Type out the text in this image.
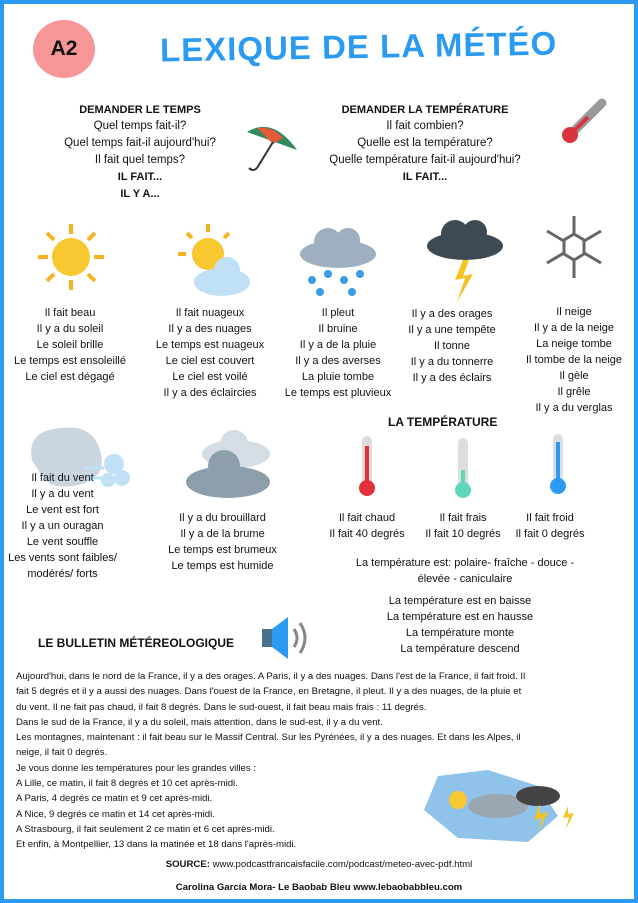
A2	LEXIQUE DE LA MÉTÉO
DEMANDER LE TEMPS
Quel temps fait-il?
Quel temps fait-il aujourd'hui?
Il fait quel temps?
IL FAIT...
IL Y A...
DEMANDER LA TEMPÉRATURE
Il fait combien?
Quelle est la température?
Quelle température fait-il aujourd'hui?
IL FAIT...
Il fait beau
Il y a du soleil
Le soleil brille
Le temps est ensoleillé
Le ciel est dégagé
Il fait nuageux
Il y a des nuages
Le temps est nuageux
Le ciel est couvert
Le ciel est voilé
Il y a des éclaircies
Il pleut
Il bruine
Il y a de la pluie
Il y a des averses
La pluie tombe
Le temps est pluvieux
Il y a des orages
Il y a une tempête
Il tonne
Il y a du tonnerre
Il y a des éclairs
Il neige
Il y a de la neige
La neige tombe
Il tombe de la neige
Il gèle
Il grêle
Il y a du verglas
LA TEMPÉRATURE
Il fait du vent
Il y a du vent
Le vent est fort
Il y a un ouragan
Le vent souffle
Les vents sont faibles/
modérés/ forts
Il y a du brouillard
Il y a de la brume
Le temps est brumeux
Le temps est humide
Il fait chaud
Il fait 40 degrés
Il fait frais
Il fait 10 degrés
Il fait froid
Il fait 0 degrés
La température est: polaire- fraîche - douce -
élevée - caniculaire
La température est en baisse
La température est en hausse
La température monte
La température descend
LE BULLETIN MÉTÉREOLOGIQUE
Aujourd'hui, dans le nord de la France, il y a des orages. A Paris, il y a des nuages. Dans l'est de la France, il fait froid. Il
fait 5 degrés et il y a aussi des nuages. Dans l'ouest de la France, en Bretagne, il pleut. Il y a des nuages, de la pluie et
du vent. Il ne fait pas chaud, il fait 8 degrés. Dans le sud-ouest, il fait beau mais frais : 11 degrés.
Dans le sud de la France, il y a du soleil, mais attention, dans le sud-est, il y a du vent.
Les montagnes, maintenant : il fait beau sur le Massif Central. Sur les Pyrénées, il y a des nuages. Et dans les Alpes, il
neige, il fait 0 degrés.
Je vous donne les températures pour les grandes villes :
A Lille, ce matin, il fait 8 degrés et 10 cet après-midi.
A Paris, 4 degrés ce matin et 9 cet après-midi.
A Nice, 9 degrés ce matin et 14 cet après-midi.
A Strasbourg, il fait seulement 2 ce matin et 6 cet après-midi.
Et enfin, à Montpellier, 13 dans la matinée et 18 dans l'après-midi.
SOURCE: www.podcastfrancaisfacile.com/podcast/meteo-avec-pdf.html
Carolina García Mora- Le Baobab Bleu www.lebaobabbleu.com
